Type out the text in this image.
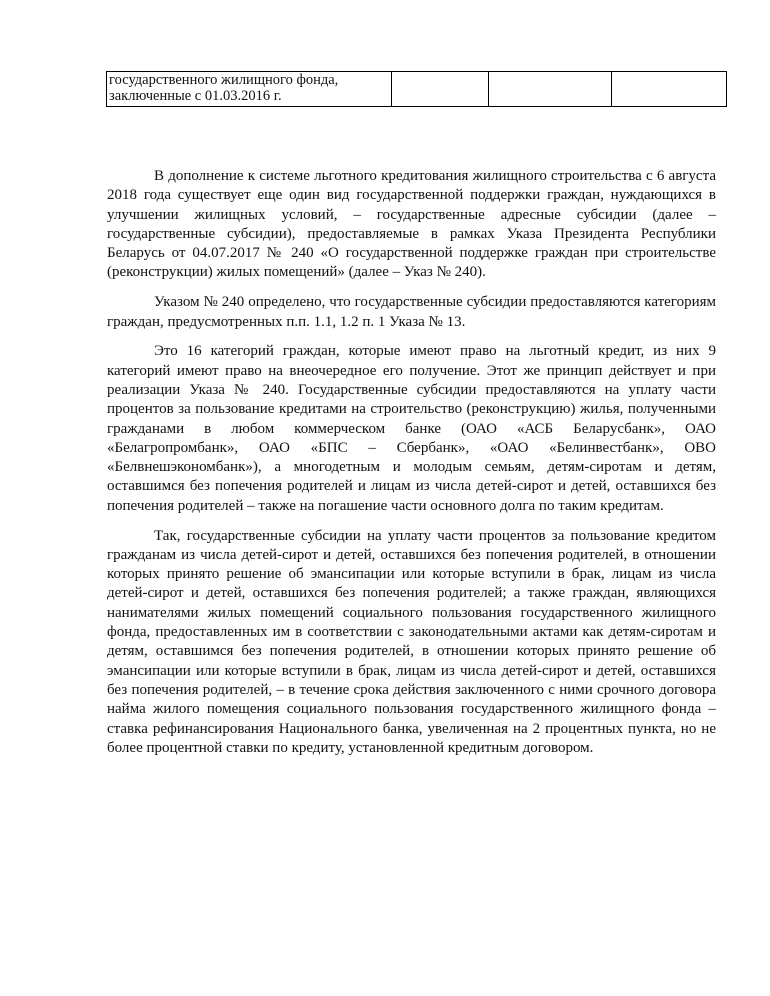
государственного жилищного фонда,
заключенные с 01.03.2016 г.

В дополнение к системе льготного кредитования жилищного строительства с 6 августа 2018 года существует еще один вид государственной поддержки граждан, нуждающихся в улучшении жилищных условий, – государственные адресные субсидии (далее – государственные субсидии), предоставляемые в рамках Указа Президента Республики Беларусь от 04.07.2017 № 240 «О государственной поддержке граждан при строительстве (реконструкции) жилых помещений» (далее – Указ № 240).

Указом № 240 определено, что государственные субсидии предоставляются категориям граждан, предусмотренных п.п. 1.1, 1.2 п. 1 Указа № 13.

Это 16 категорий граждан, которые имеют право на льготный кредит, из них 9 категорий имеют право на внеочередное его получение. Этот же принцип действует и при реализации Указа № 240. Государственные субсидии предоставляются на уплату части процентов за пользование кредитами на строительство (реконструкцию) жилья, полученными гражданами в любом коммерческом банке (ОАО «АСБ Беларусбанк», ОАО «Белагропромбанк», ОАО «БПС – Сбербанк», «ОАО «Белинвестбанк», ОВО «Белвнешэкономбанк»), а многодетным и молодым семьям, детям-сиротам и детям, оставшимся без попечения родителей и лицам из числа детей-сирот и детей, оставшихся без попечения родителей – также на погашение части основного долга по таким кредитам.

Так, государственные субсидии на уплату части процентов за пользование кредитом гражданам из числа детей-сирот и детей, оставшихся без попечения родителей, в отношении которых принято решение об эмансипации или которые вступили в брак, лицам из числа детей-сирот и детей, оставшихся без попечения родителей; а также граждан, являющихся нанимателями жилых помещений социального пользования государственного жилищного фонда, предоставленных им в соответствии с законодательными актами как детям-сиротам и детям, оставшимся без попечения родителей, в отношении которых принято решение об эмансипации или которые вступили в брак, лицам из числа детей-сирот и детей, оставшихся без попечения родителей, – в течение срока действия заключенного с ними срочного договора найма жилого помещения социального пользования государственного жилищного фонда – ставка рефинансирования Национального банка, увеличенная на 2 процентных пункта, но не более процентной ставки по кредиту, установленной кредитным договором.
